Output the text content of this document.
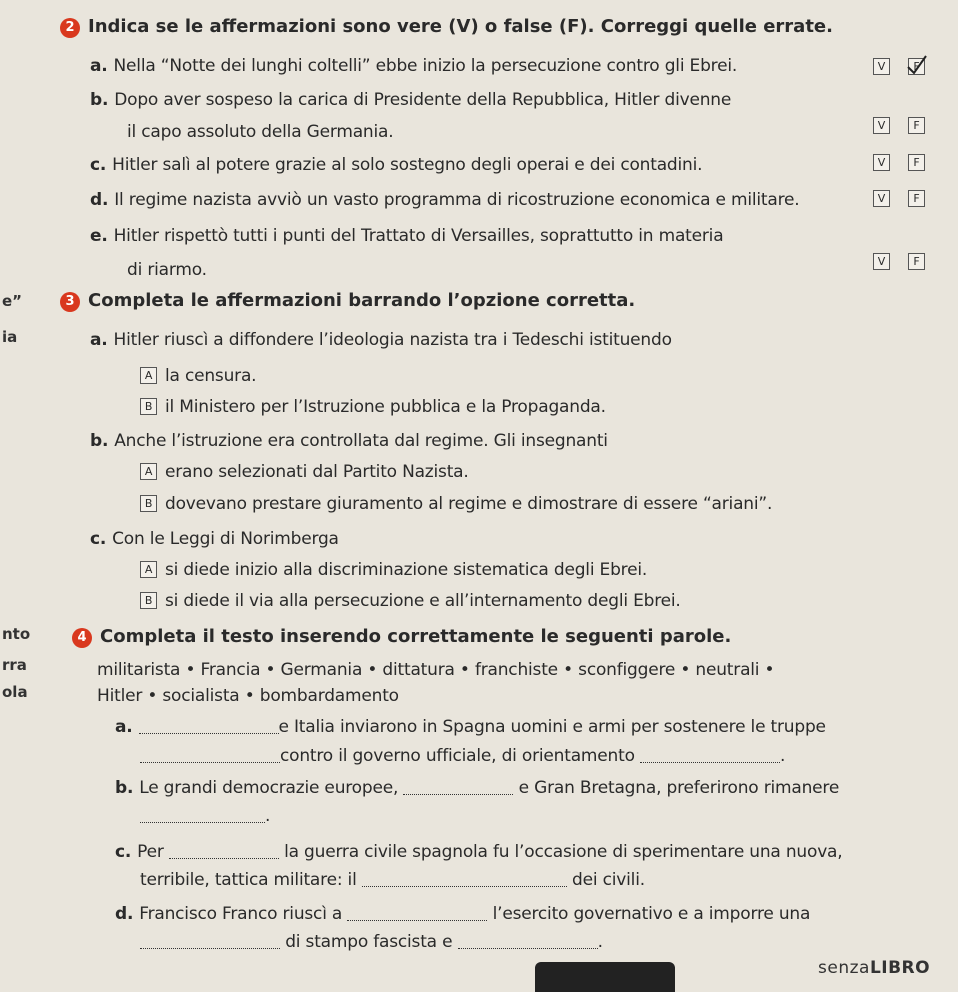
e”
ia
nto
rra
ola
2 Indica se le affermazioni sono vere (V) o false (F). Correggi quelle errate.
a. Nella “Notte dei lunghi coltelli” ebbe inizio la persecuzione contro gli Ebrei.	V	F
b. Dopo aver sospeso la carica di Presidente della Repubblica, Hitler divenne
il capo assoluto della Germania.	V	F
c. Hitler salì al potere grazie al solo sostegno degli operai e dei contadini.	V	F
d. Il regime nazista avviò un vasto programma di ricostruzione economica e militare.	V	F
e. Hitler rispettò tutti i punti del Trattato di Versailles, soprattutto in materia
di riarmo.	V	F
3 Completa le affermazioni barrando l’opzione corretta.
a. Hitler riuscì a diffondere l’ideologia nazista tra i Tedeschi istituendo
A la censura.
B il Ministero per l’Istruzione pubblica e la Propaganda.
b. Anche l’istruzione era controllata dal regime. Gli insegnanti
A erano selezionati dal Partito Nazista.
B dovevano prestare giuramento al regime e dimostrare di essere “ariani”.
c. Con le Leggi di Norimberga
A si diede inizio alla discriminazione sistematica degli Ebrei.
B si diede il via alla persecuzione e all’internamento degli Ebrei.
4 Completa il testo inserendo correttamente le seguenti parole.
militarista • Francia • Germania • dittatura • franchiste • sconfiggere • neutrali •
Hitler • socialista • bombardamento
a.	e Italia inviarono in Spagna uomini e armi per sostenere le truppe
contro il governo ufficiale, di orientamento	.
b. Le grandi democrazie europee,	e Gran Bretagna, preferirono rimanere
.
c. Per	la guerra civile spagnola fu l’occasione di sperimentare una nuova,
terribile, tattica militare: il	dei civili.
d. Francisco Franco riuscì a	l’esercito governativo e a imporre una
di stampo fascista e	.
senzaLIBRO
